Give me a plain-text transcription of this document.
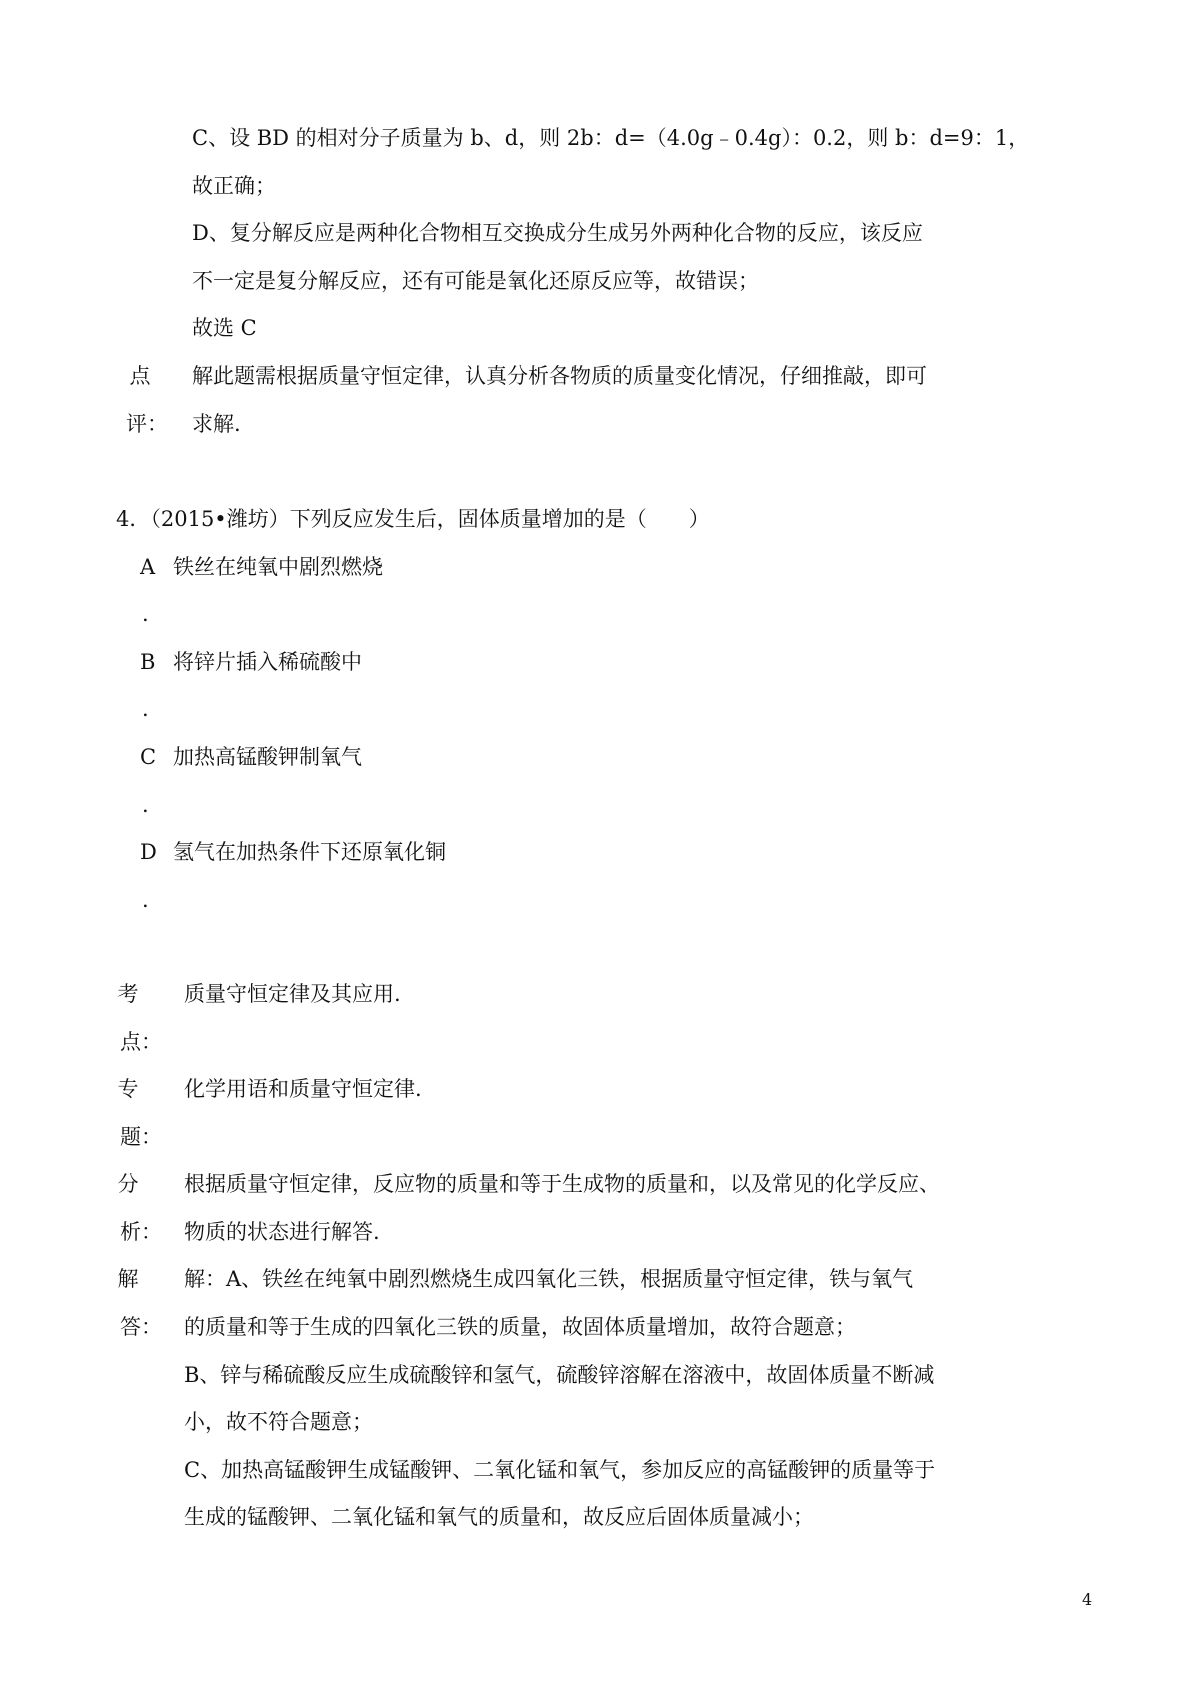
C、设 BD 的相对分子质量为 b、d，则 2b：d=（4.0g﹣0.4g）：0.2，则 b：d=9：1，
故正确；
D、复分解反应是两种化合物相互交换成分生成另外两种化合物的反应，该反应
不一定是复分解反应，还有可能是氧化还原反应等，故错误；
故选 C
点
评：
解此题需根据质量守恒定律，认真分析各物质的质量变化情况，仔细推敲，即可
求解.
4．（2015•潍坊）下列反应发生后，固体质量增加的是（　　）
A 铁丝在纯氧中剧烈燃烧
.
B 将锌片插入稀硫酸中
.
C 加热高锰酸钾制氧气
.
D 氢气在加热条件下还原氧化铜
.
考
点：
质量守恒定律及其应用.
专
题：
化学用语和质量守恒定律.
分
析：
根据质量守恒定律，反应物的质量和等于生成物的质量和，以及常见的化学反应、
物质的状态进行解答.
解
答：
解：A、铁丝在纯氧中剧烈燃烧生成四氧化三铁，根据质量守恒定律，铁与氧气
的质量和等于生成的四氧化三铁的质量，故固体质量增加，故符合题意；
B、锌与稀硫酸反应生成硫酸锌和氢气，硫酸锌溶解在溶液中，故固体质量不断减
小，故不符合题意；
C、加热高锰酸钾生成锰酸钾、二氧化锰和氧气，参加反应的高锰酸钾的质量等于
生成的锰酸钾、二氧化锰和氧气的质量和，故反应后固体质量减小；
4
